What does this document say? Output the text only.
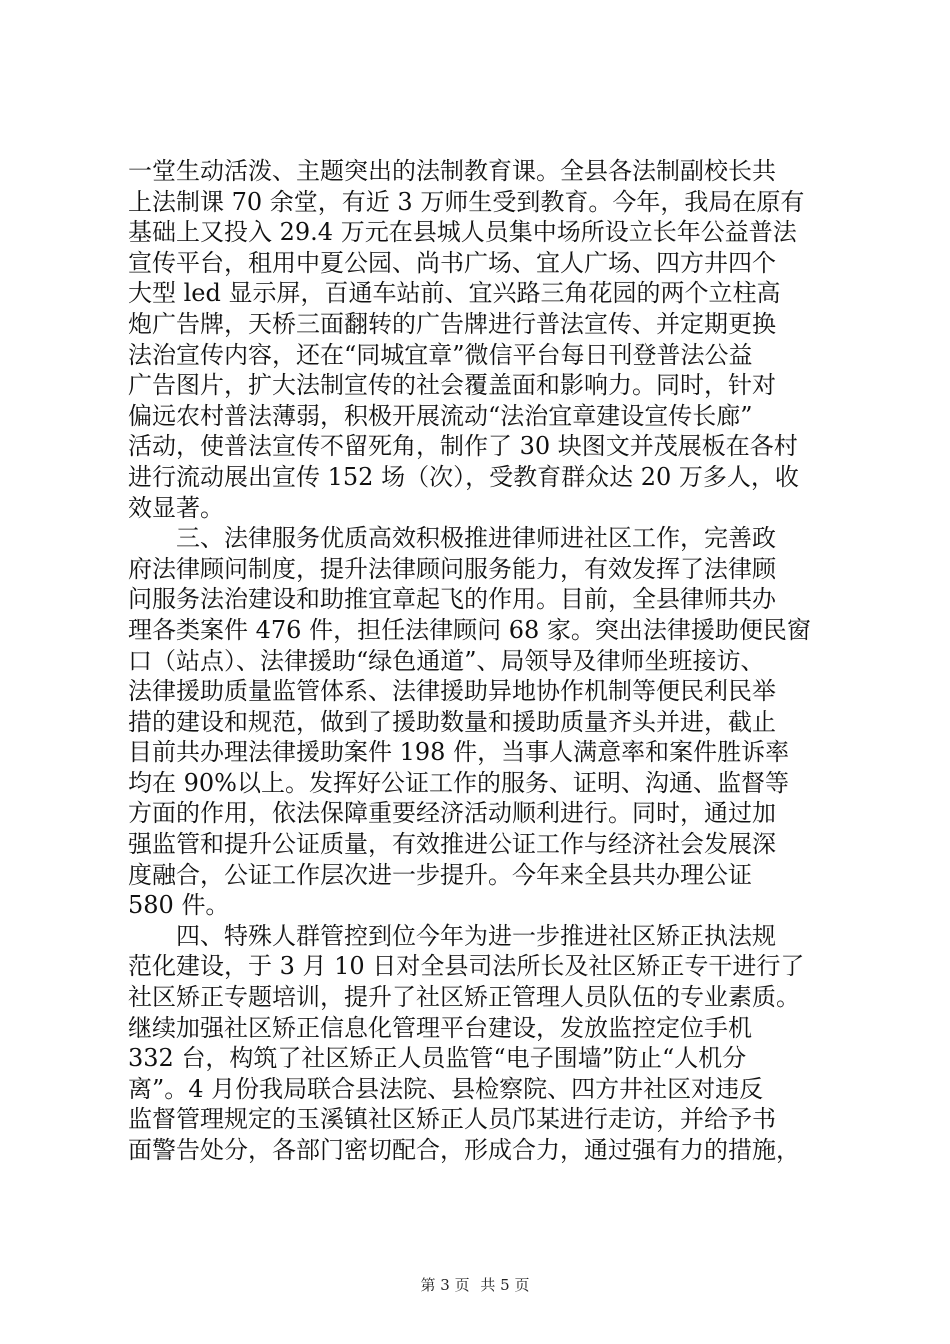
一堂生动活泼、主题突出的法制教育课。全县各法制副校长共
上法制课 70 余堂，有近 3 万师生受到教育。今年，我局在原有
基础上又投入 29.4 万元在县城人员集中场所设立长年公益普法
宣传平台，租用中夏公园、尚书广场、宜人广场、四方井四个
大型 led 显示屏，百通车站前、宜兴路三角花园的两个立柱高
炮广告牌，天桥三面翻转的广告牌进行普法宣传、并定期更换
法治宣传内容，还在“同城宜章”微信平台每日刊登普法公益
广告图片，扩大法制宣传的社会覆盖面和影响力。同时，针对
偏远农村普法薄弱，积极开展流动“法治宜章建设宣传长廊”
活动，使普法宣传不留死角，制作了 30 块图文并茂展板在各村
进行流动展出宣传 152 场（次），受教育群众达 20 万多人，收
效显著。
　　三、法律服务优质高效积极推进律师进社区工作，完善政
府法律顾问制度，提升法律顾问服务能力，有效发挥了法律顾
问服务法治建设和助推宜章起飞的作用。目前，全县律师共办
理各类案件 476 件，担任法律顾问 68 家。突出法律援助便民窗
口（站点）、法律援助“绿色通道”、局领导及律师坐班接访、
法律援助质量监管体系、法律援助异地协作机制等便民利民举
措的建设和规范，做到了援助数量和援助质量齐头并进，截止
目前共办理法律援助案件 198 件，当事人满意率和案件胜诉率
均在 90%以上。发挥好公证工作的服务、证明、沟通、监督等
方面的作用，依法保障重要经济活动顺利进行。同时，通过加
强监管和提升公证质量，有效推进公证工作与经济社会发展深
度融合，公证工作层次进一步提升。今年来全县共办理公证
580 件。
　　四、特殊人群管控到位今年为进一步推进社区矫正执法规
范化建设，于 3 月 10 日对全县司法所长及社区矫正专干进行了
社区矫正专题培训，提升了社区矫正管理人员队伍的专业素质。
继续加强社区矫正信息化管理平台建设，发放监控定位手机
332 台，构筑了社区矫正人员监管“电子围墙”防止“人机分
离”。4 月份我局联合县法院、县检察院、四方井社区对违反
监督管理规定的玉溪镇社区矫正人员邝某进行走访，并给予书
面警告处分，各部门密切配合，形成合力，通过强有力的措施，
第 3 页 共 5 页
